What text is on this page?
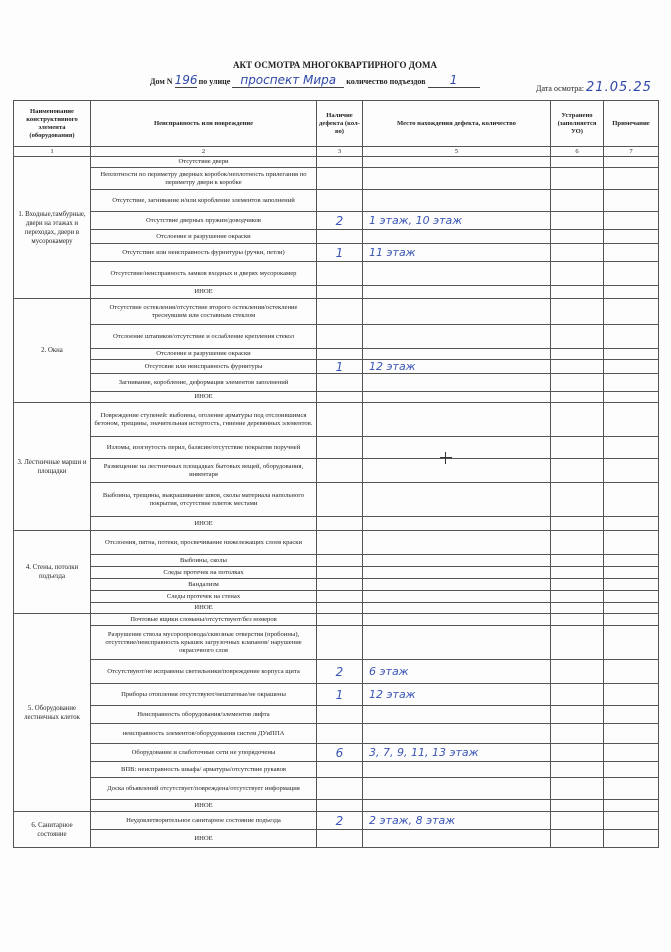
АКТ ОСМОТРА МНОГОКВАРТИРНОГО ДОМА
Дом N 196 по улице проспект Мира количество подъездов 1
Дата осмотра: 21.05.25
Наименование конструктивного элемента (оборудования)	Неисправность или повреждение	Наличие дефекта (кол-во)	Место нахождения дефекта, количество	Устранено (заполняется УО)	Примечание
1	2	3	5	6	7
1. Входные,тамбурные, двери на этажах и переходах, двери в мусорокамеру	Отсутствие двери				
	Неплотности по периметру дверных коробок/неплотность прилегания по периметру двери к коробке				
	Отсутствие, загнивание и/или коробление элементов заполнений				
	Отсутствие дверных пружин/доводчиков	2	1 этаж, 10 этаж		
	Отслоение и разрушение окраски				
	Отсутствие или неисправность фурнитуры (ручки, петли)	1	11 этаж		
	Отсутствие/неисправность замков входных и дверях мусорокамер				
	ИНОЕ				
2. Окна	Отсутствие остекления/отсутствие второго остекления/остекление треснувшим или составным стеклом				
	Отслоение штапиков/отсутствие и ослабление крепления стекол				
	Отслоение и разрушение окраски				
	Отсутсвие или неисправность фурнитуры	1	12 этаж		
	Загнивание, коробление, деформация элементов заполнений				
	ИНОЕ				
3. Лестничные марши и площадки	Повреждение ступеней: выбоины, оголение арматуры под отслоившимся бетоном, трещины, значительная истертость, гниение деревянных элементов.				
	Изломы, изогнутость перил, балясин/отсутствие покрытия поручней				
	Размещение на лестничных площадках бытовых вещей, оборудования, инвентаря				
	Выбоины, трещины, выкрашивание швов, сколы материала напольного покрытия, отсутствие плиток местами				
	ИНОЕ				
4. Стены, потолки подъезда	Отслоения, пятна, потеки, просвечивание нижележащих слоев краски				
	Выбоины, сколы				
	Следы протечек на потолках				
	Вандализм				
	Следы протечек на стенах				
	ИНОЕ				
5. Оборудование лестничных клеток	Почтовые ящики сломаны/отсутствуют/без номеров				
	Разрушение ствола мусоропровода/сквозные отверстия (пробоины), отсутствие/неисправность крышек загрузочных клапанов/ нарушение окрасочного слоя				
	Отсутствуют/не исправены светильники/повреждение корпуса щита	2	6 этаж		
	Приборы отопления отсутствуют/нештатные/не окрашены	1	12 этаж		
	Неисправность оборудования/элементов лифта				
	неисправность элементов/оборудования систем ДУиППА				
	Оборудование и слаботочные сети не упорядочены	6	3, 7, 9, 11, 13 этаж		
	ВПВ: неисправность шкафа/ арматуры/отсутствие рукавов				
	Доска объявлений отсутствует/повреждена/отсутствует информация				
	ИНОЕ				
6. Санитарное состояние	Неудовлетворительное санитарное состояние подъезда	2	2 этаж, 8 этаж		
	ИНОЕ				
